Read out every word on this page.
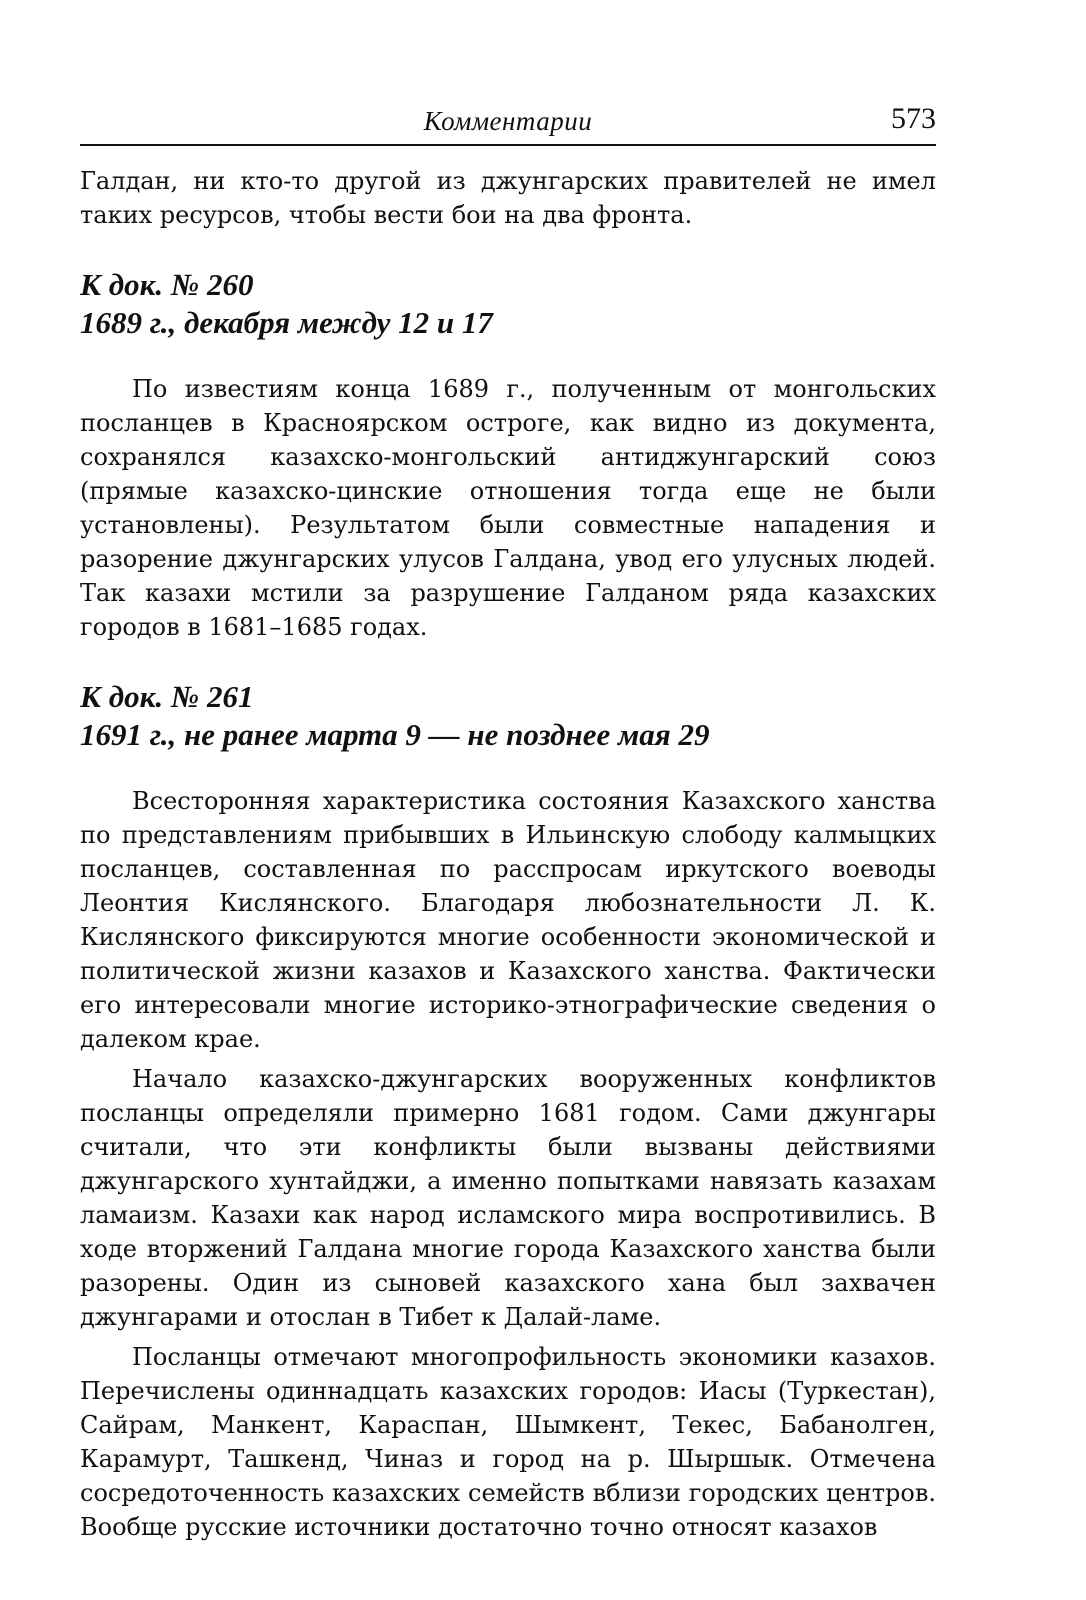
Комментарии	573

Галдан, ни кто-то другой из джунгарских правителей не имел таких ресурсов, чтобы вести бои на два фронта.

К док. № 260

1689 г., декабря между 12 и 17

По известиям конца 1689 г., полученным от монгольских посланцев в Красноярском остроге, как видно из документа, сохранялся казахско-монгольский антиджунгарский союз (прямые казахско-цинские отношения тогда еще не были установлены). Результатом были совместные нападения и разорение джунгарских улусов Галдана, увод его улусных людей. Так казахи мстили за разрушение Галданом ряда казахских городов в 1681–1685 годах.

К док. № 261

1691 г., не ранее марта 9 — не позднее мая 29

Всесторонняя характеристика состояния Казахского ханства по представлениям прибывших в Ильинскую слободу калмыцких посланцев, составленная по расспросам иркутского воеводы Леонтия Кислянского. Благодаря любознательности Л. К. Кислянского фиксируются многие особенности экономической и политической жизни казахов и Казахского ханства. Фактически его интересовали многие историко-этнографические сведения о далеком крае.

Начало казахско-джунгарских вооруженных конфликтов посланцы определяли примерно 1681 годом. Сами джунгары считали, что эти конфликты были вызваны действиями джунгарского хунтайджи, а именно попытками навязать казахам ламаизм. Казахи как народ исламского мира воспротивились. В ходе вторжений Галдана многие города Казахского ханства были разорены. Один из сыновей казахского хана был захвачен джунгарами и отослан в Тибет к Далай-ламе.

Посланцы отмечают многопрофильность экономики казахов. Перечислены одиннадцать казахских городов: Иасы (Туркестан), Сайрам, Манкент, Караспан, Шымкент, Текес, Бабанолген, Карамурт, Ташкенд, Чиназ и город на р. Шыршык. Отмечена сосредоточенность казахских семейств вблизи городских центров. Вообще русские источники достаточно точно относят казахов
